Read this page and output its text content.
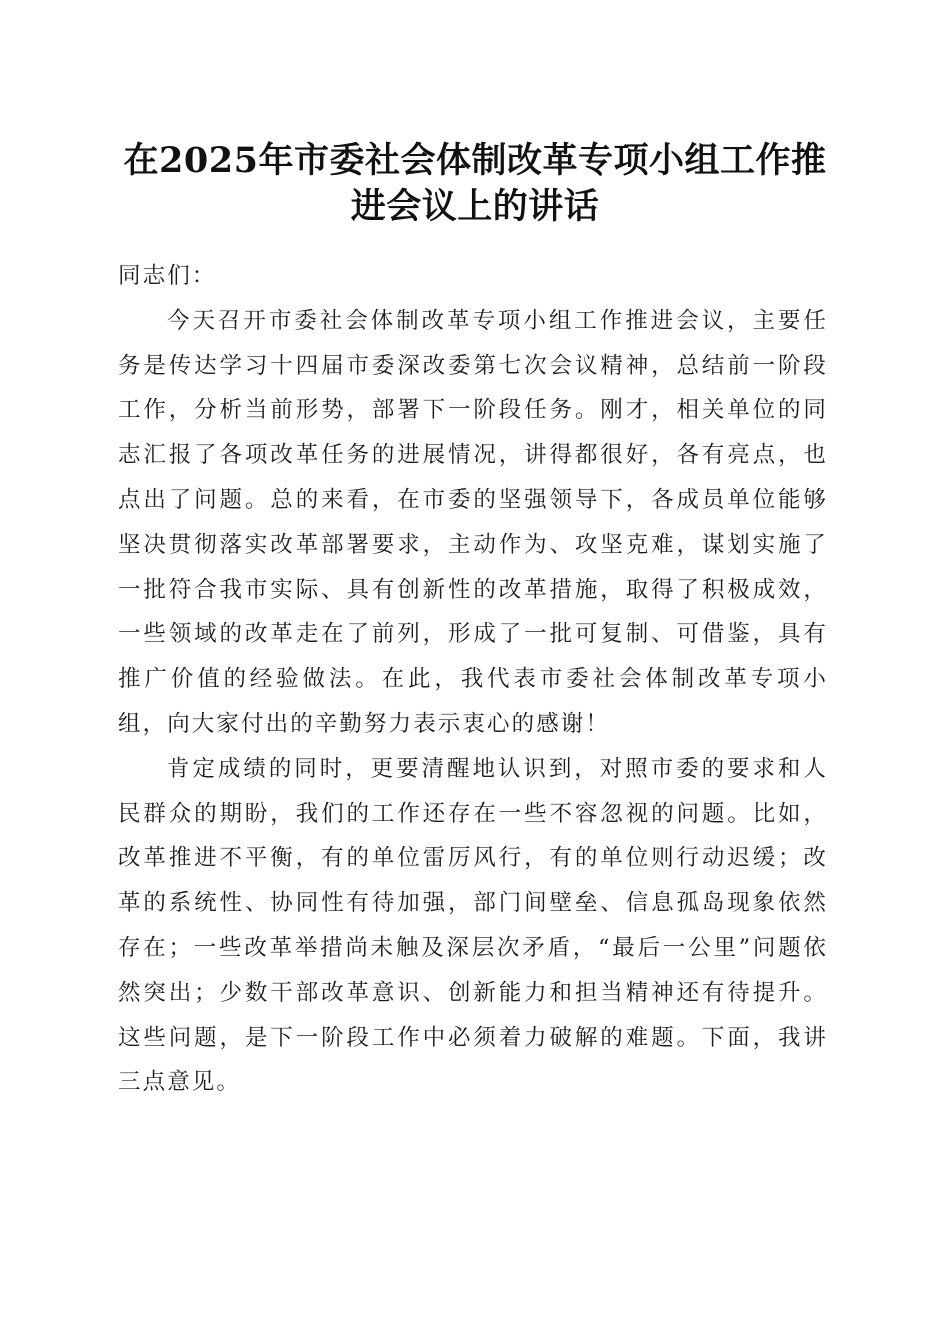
在2025年市委社会体制改革专项小组工作推
进会议上的讲话

同志们：

今天召开市委社会体制改革专项小组工作推进会议，主要任务是传达学习十四届市委深改委第七次会议精神，总结前一阶段工作，分析当前形势，部署下一阶段任务。刚才，相关单位的同志汇报了各项改革任务的进展情况，讲得都很好，各有亮点，也点出了问题。总的来看，在市委的坚强领导下，各成员单位能够坚决贯彻落实改革部署要求，主动作为、攻坚克难，谋划实施了一批符合我市实际、具有创新性的改革措施，取得了积极成效，一些领域的改革走在了前列，形成了一批可复制、可借鉴，具有推广价值的经验做法。在此，我代表市委社会体制改革专项小组，向大家付出的辛勤努力表示衷心的感谢！

肯定成绩的同时，更要清醒地认识到，对照市委的要求和人民群众的期盼，我们的工作还存在一些不容忽视的问题。比如，改革推进不平衡，有的单位雷厉风行，有的单位则行动迟缓；改革的系统性、协同性有待加强，部门间壁垒、信息孤岛现象依然存在；一些改革举措尚未触及深层次矛盾，“最后一公里”问题依然突出；少数干部改革意识、创新能力和担当精神还有待提升。这些问题，是下一阶段工作中必须着力破解的难题。下面，我讲三点意见。
